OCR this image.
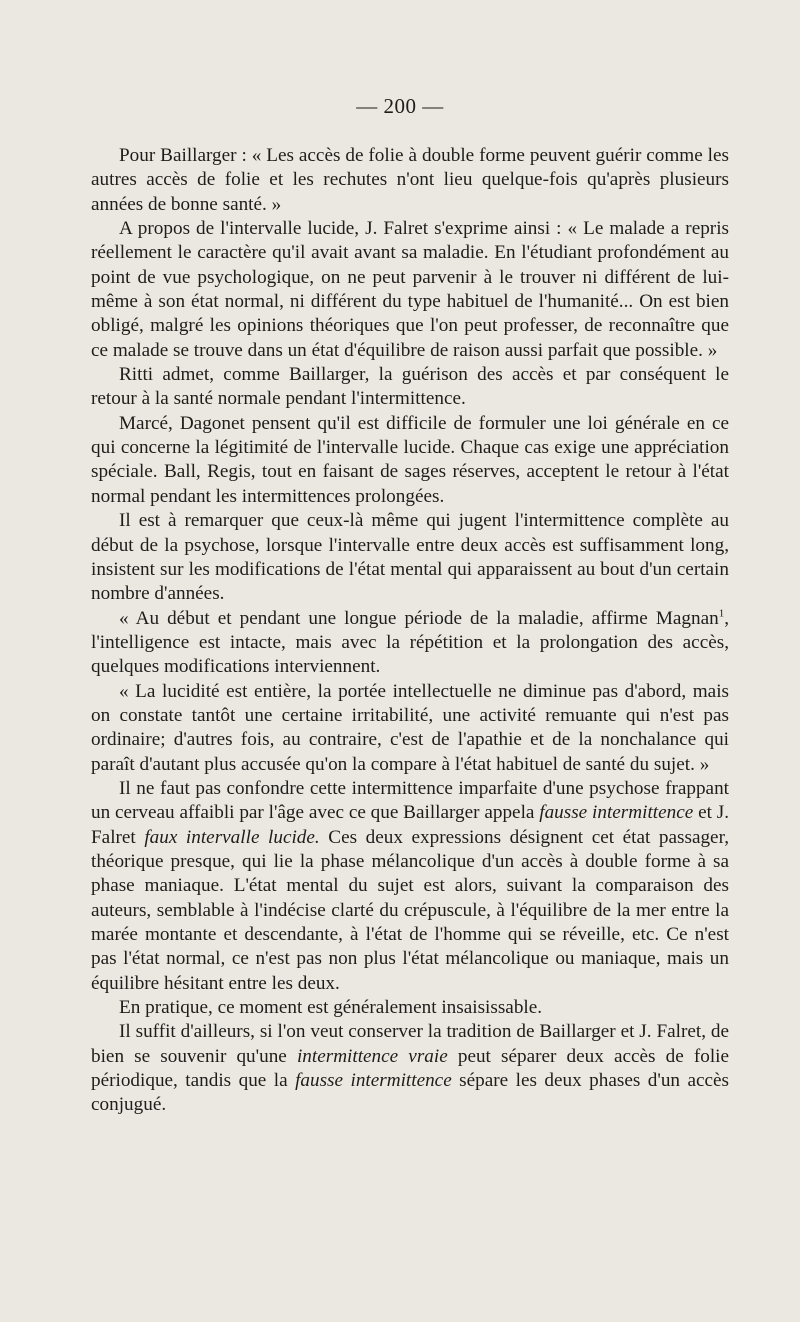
— 200 —

Pour Baillarger : « Les accès de folie à double forme peuvent guérir comme les autres accès de folie et les rechutes n'ont lieu quelque-fois qu'après plusieurs années de bonne santé. »

A propos de l'intervalle lucide, J. Falret s'exprime ainsi : « Le malade a repris réellement le caractère qu'il avait avant sa maladie. En l'étudiant profondément au point de vue psychologique, on ne peut parvenir à le trouver ni différent de lui-même à son état normal, ni différent du type habituel de l'humanité... On est bien obligé, malgré les opinions théoriques que l'on peut professer, de reconnaître que ce malade se trouve dans un état d'équilibre de raison aussi parfait que possible. »

Ritti admet, comme Baillarger, la guérison des accès et par conséquent le retour à la santé normale pendant l'intermittence.

Marcé, Dagonet pensent qu'il est difficile de formuler une loi générale en ce qui concerne la légitimité de l'intervalle lucide. Chaque cas exige une appréciation spéciale. Ball, Regis, tout en faisant de sages réserves, acceptent le retour à l'état normal pendant les intermittences prolongées.

Il est à remarquer que ceux-là même qui jugent l'intermittence complète au début de la psychose, lorsque l'intervalle entre deux accès est suffisamment long, insistent sur les modifications de l'état mental qui apparaissent au bout d'un certain nombre d'années.

« Au début et pendant une longue période de la maladie, affirme Magnan$^1$, l'intelligence est intacte, mais avec la répétition et la prolongation des accès, quelques modifications interviennent.

« La lucidité est entière, la portée intellectuelle ne diminue pas d'abord, mais on constate tantôt une certaine irritabilité, une activité remuante qui n'est pas ordinaire; d'autres fois, au contraire, c'est de l'apathie et de la nonchalance qui paraît d'autant plus accusée qu'on la compare à l'état habituel de santé du sujet. »

Il ne faut pas confondre cette intermittence imparfaite d'une psychose frappant un cerveau affaibli par l'âge avec ce que Baillarger appela fausse intermittence et J. Falret faux intervalle lucide. Ces deux expressions désignent cet état passager, théorique presque, qui lie la phase mélancolique d'un accès à double forme à sa phase maniaque. L'état mental du sujet est alors, suivant la comparaison des auteurs, semblable à l'indécise clarté du crépuscule, à l'équilibre de la mer entre la marée montante et descendante, à l'état de l'homme qui se réveille, etc. Ce n'est pas l'état normal, ce n'est pas non plus l'état mélancolique ou maniaque, mais un équilibre hésitant entre les deux.

En pratique, ce moment est généralement insaisissable.

Il suffit d'ailleurs, si l'on veut conserver la tradition de Baillarger et J. Falret, de bien se souvenir qu'une intermittence vraie peut séparer deux accès de folie périodique, tandis que la fausse intermittence sépare les deux phases d'un accès conjugué.
